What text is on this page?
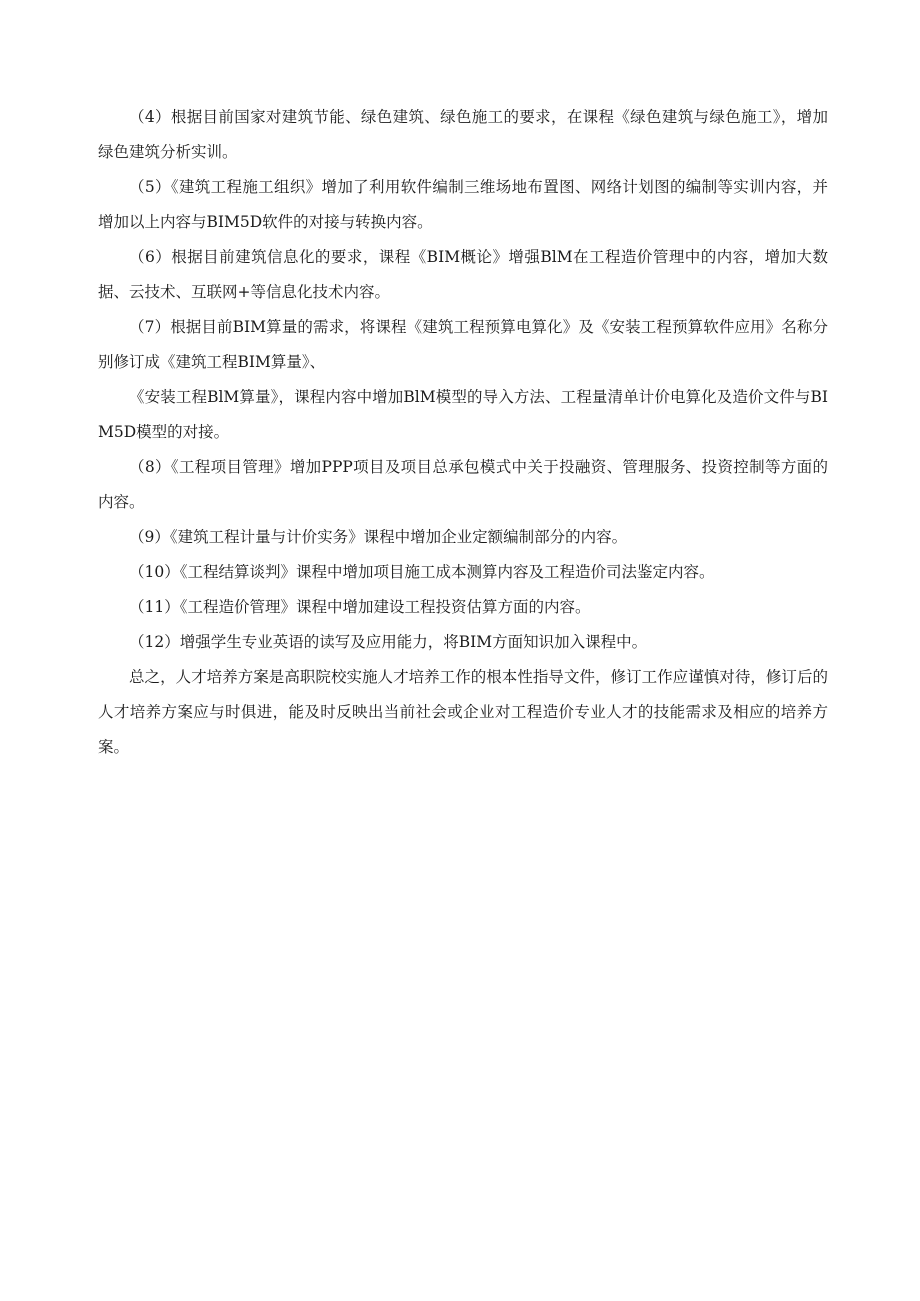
（4）根据目前国家对建筑节能、绿色建筑、绿色施工的要求，在课程《绿色建筑与绿色施工》，增加绿色建筑分析实训。

（5）《建筑工程施工组织》增加了利用软件编制三维场地布置图、网络计划图的编制等实训内容，并增加以上内容与BIM5D软件的对接与转换内容。

（6）根据目前建筑信息化的要求，课程《BIM概论》增强BlM在工程造价管理中的内容，增加大数据、云技术、互联网+等信息化技术内容。

（7）根据目前BIM算量的需求，将课程《建筑工程预算电算化》及《安装工程预算软件应用》名称分别修订成《建筑工程BIM算量》、

《安装工程BlM算量》，课程内容中增加BlM模型的导入方法、工程量清单计价电算化及造价文件与BIM5D模型的对接。

（8）《工程项目管理》增加PPP项目及项目总承包模式中关于投融资、管理服务、投资控制等方面的内容。

（9）《建筑工程计量与计价实务》课程中增加企业定额编制部分的内容。

（10）《工程结算谈判》课程中增加项目施工成本测算内容及工程造价司法鉴定内容。

（11）《工程造价管理》课程中增加建设工程投资估算方面的内容。

（12）增强学生专业英语的读写及应用能力，将BIM方面知识加入课程中。

总之，人才培养方案是高职院校实施人才培养工作的根本性指导文件，修订工作应谨慎对待，修订后的人才培养方案应与时俱进，能及时反映出当前社会或企业对工程造价专业人才的技能需求及相应的培养方案。
